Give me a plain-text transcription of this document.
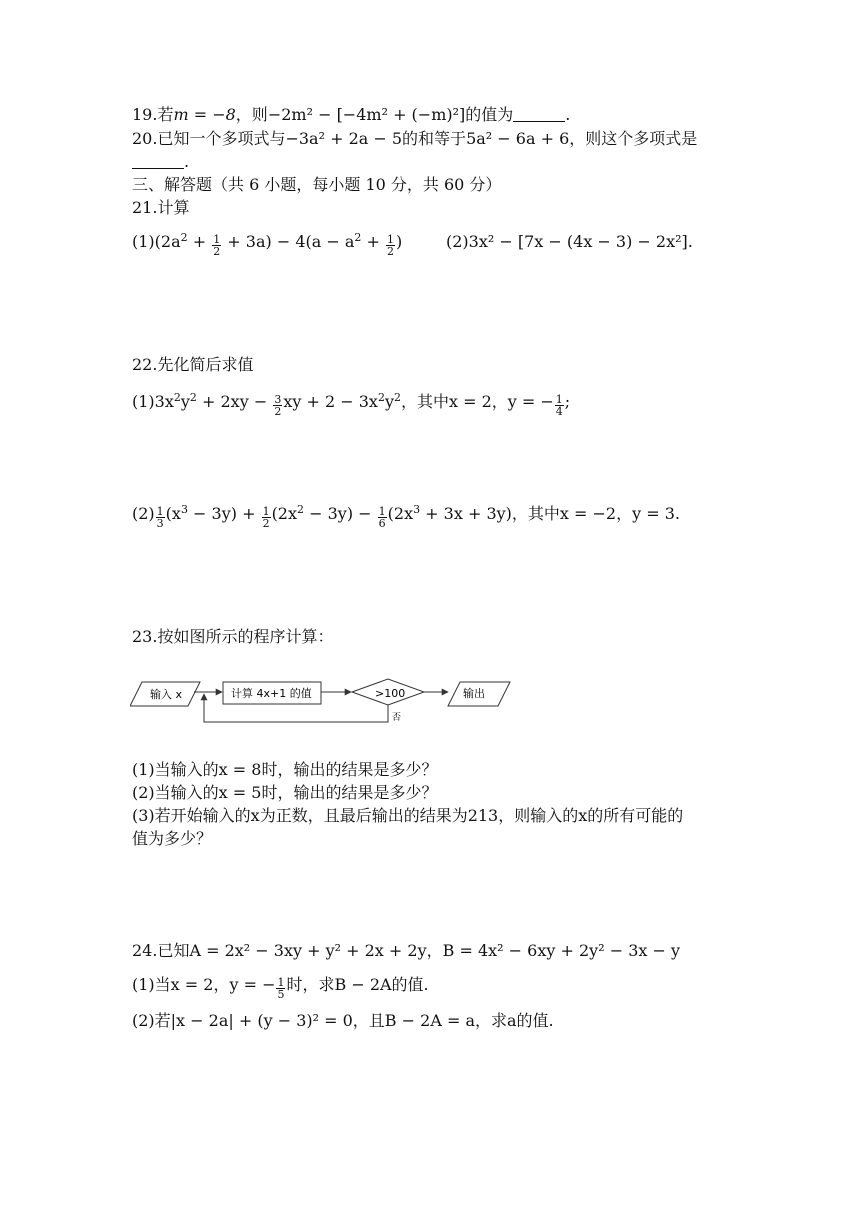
19.若m = −8，则−2m² − [−4m² + (−m)²]的值为	.
20.已知一个多项式与−3a² + 2a − 5的和等于5a² − 6a + 6，则这个多项式是
.
三、解答题（共 6 小题，每小题 10 分，共 60 分）
21.计算
$(1)(2a^2 + \frac{1}{2} + 3a) - 4(a - a^2 + \frac{1}{2}$ )	(2)3x² − [7x − (4x − 3) − 2x²].
22.先化简后求值
$(1)3x^2y^2 + 2xy - \frac{3}{2}$ xy + $2 - 3x^2y^2$，其中x = 2，y = − $\frac{1}{4}$ ;
$(2) \frac{1}{3} (x^3 - 3y) + \frac{1}{2} (2x^2 - 3y) - \frac{1}{6} (2x^3 + 3x + 3y)$，其中x = −2，y = 3.
23.按如图所示的程序计算：
输入 x	计算 4x+1 的值	>100	输出
否
(1)当输入的x = 8时，输出的结果是多少？
(2)当输入的x = 5时，输出的结果是多少？
(3)若开始输入的x为正数，且最后输出的结果为213，则输入的x的所有可能的
值为多少？
24.已知A = 2x² − 3xy + y² + 2x + 2y，B = 4x² − 6xy + 2y² − 3x − y
(1)当x = 2，y = − $\frac{1}{5}$ 时，求B − 2A的值.
(2)若|x − 2a| + (y − 3)² = 0，且B − 2A = a，求a的值.
